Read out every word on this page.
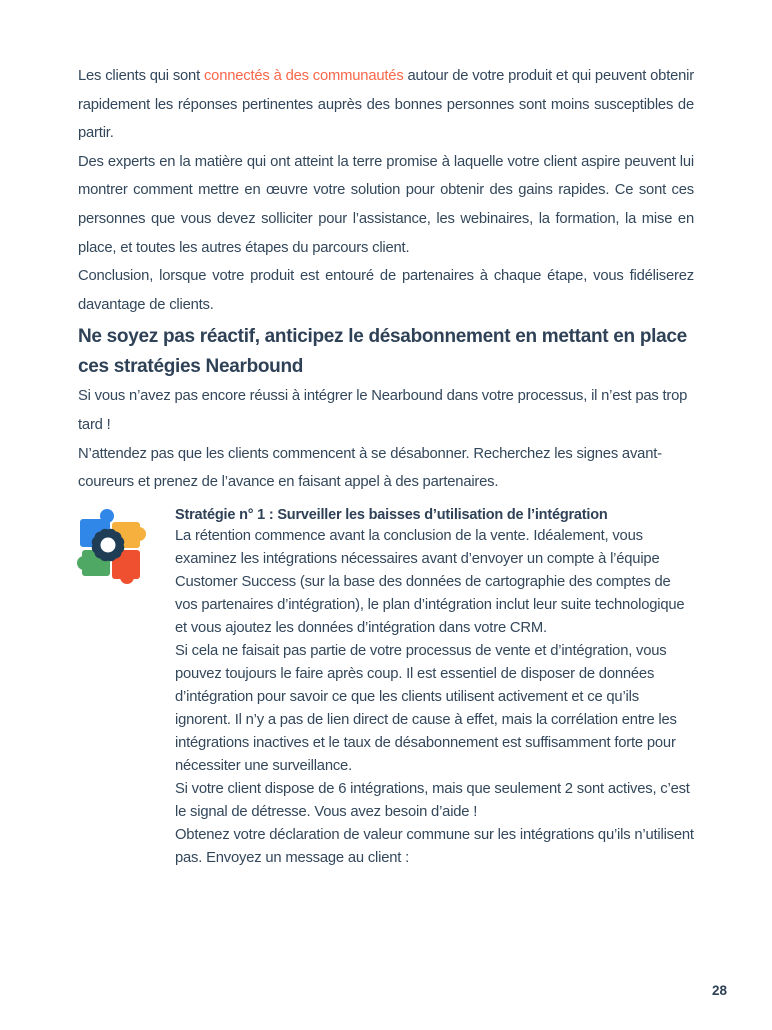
Les clients qui sont connectés à des communautés autour de votre produit et qui peuvent obtenir rapidement les réponses pertinentes auprès des bonnes personnes sont moins susceptibles de partir.

Des experts en la matière qui ont atteint la terre promise à laquelle votre client aspire peuvent lui montrer comment mettre en œuvre votre solution pour obtenir des gains rapides. Ce sont ces personnes que vous devez solliciter pour l’assistance, les webinaires, la formation, la mise en place, et toutes les autres étapes du parcours client.

Conclusion, lorsque votre produit est entouré de partenaires à chaque étape, vous fidéliserez davantage de clients.

Ne soyez pas réactif, anticipez le désabonnement en mettant en place ces stratégies Nearbound

Si vous n’avez pas encore réussi à intégrer le Nearbound dans votre processus, il n’est pas trop tard !

N’attendez pas que les clients commencent à se désabonner. Recherchez les signes avant-coureurs et prenez de l’avance en faisant appel à des partenaires.

Stratégie n° 1 : Surveiller les baisses d’utilisation de l’intégration

La rétention commence avant la conclusion de la vente. Idéalement, vous examinez les intégrations nécessaires avant d’envoyer un compte à l’équipe Customer Success (sur la base des données de cartographie des comptes de vos partenaires d’intégration), le plan d’intégration inclut leur suite technologique et vous ajoutez les données d’intégration dans votre CRM.

Si cela ne faisait pas partie de votre processus de vente et d’intégration, vous pouvez toujours le faire après coup. Il est essentiel de disposer de données d’intégration pour savoir ce que les clients utilisent activement et ce qu’ils ignorent. Il n’y a pas de lien direct de cause à effet, mais la corrélation entre les intégrations inactives et le taux de désabonnement est suffisamment forte pour nécessiter une surveillance.

Si votre client dispose de 6 intégrations, mais que seulement 2 sont actives, c’est le signal de détresse. Vous avez besoin d’aide !

Obtenez votre déclaration de valeur commune sur les intégrations qu’ils n’utilisent pas. Envoyez un message au client :

28
